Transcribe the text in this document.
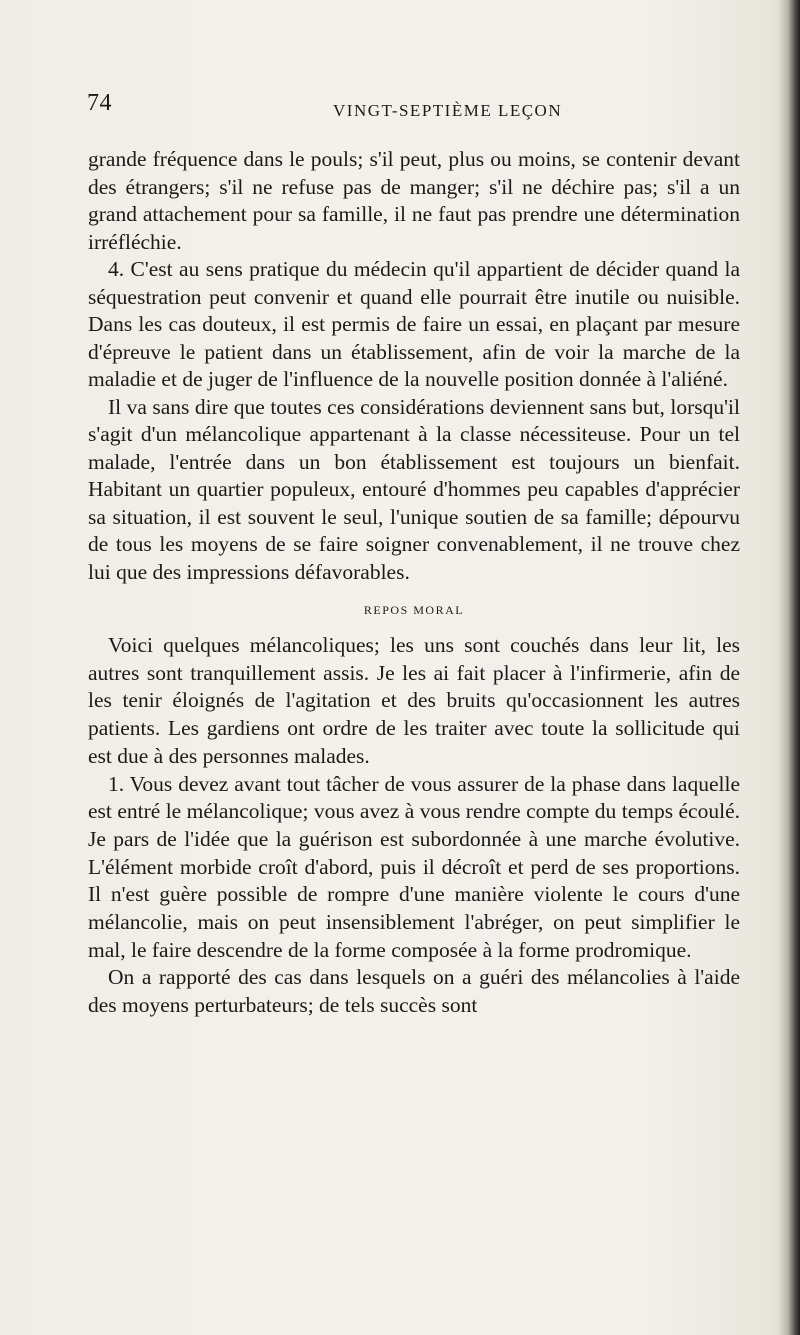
74	VINGT-SEPTIÈME LEÇON

grande fréquence dans le pouls; s'il peut, plus ou moins, se contenir devant des étrangers; s'il ne refuse pas de manger; s'il ne déchire pas; s'il a un grand attachement pour sa famille, il ne faut pas prendre une détermination irréfléchie.

4. C'est au sens pratique du médecin qu'il appartient de décider quand la séquestration peut convenir et quand elle pourrait être inutile ou nuisible. Dans les cas douteux, il est permis de faire un essai, en plaçant par mesure d'épreuve le patient dans un établissement, afin de voir la marche de la maladie et de juger de l'influence de la nouvelle position donnée à l'aliéné.

Il va sans dire que toutes ces considérations deviennent sans but, lorsqu'il s'agit d'un mélancolique appartenant à la classe nécessiteuse. Pour un tel malade, l'entrée dans un bon établissement est toujours un bienfait. Habitant un quartier populeux, entouré d'hommes peu capables d'apprécier sa situation, il est souvent le seul, l'unique soutien de sa famille; dépourvu de tous les moyens de se faire soigner convenablement, il ne trouve chez lui que des impressions défavorables.

REPOS MORAL

Voici quelques mélancoliques; les uns sont couchés dans leur lit, les autres sont tranquillement assis. Je les ai fait placer à l'infirmerie, afin de les tenir éloignés de l'agitation et des bruits qu'occasionnent les autres patients. Les gardiens ont ordre de les traiter avec toute la sollicitude qui est due à des personnes malades.

1. Vous devez avant tout tâcher de vous assurer de la phase dans laquelle est entré le mélancolique; vous avez à vous rendre compte du temps écoulé. Je pars de l'idée que la guérison est subordonnée à une marche évolutive. L'élément morbide croît d'abord, puis il décroît et perd de ses proportions. Il n'est guère possible de rompre d'une manière violente le cours d'une mélancolie, mais on peut insensiblement l'abréger, on peut simplifier le mal, le faire descendre de la forme composée à la forme prodromique.

On a rapporté des cas dans lesquels on a guéri des mélancolies à l'aide des moyens perturbateurs; de tels succès sont
